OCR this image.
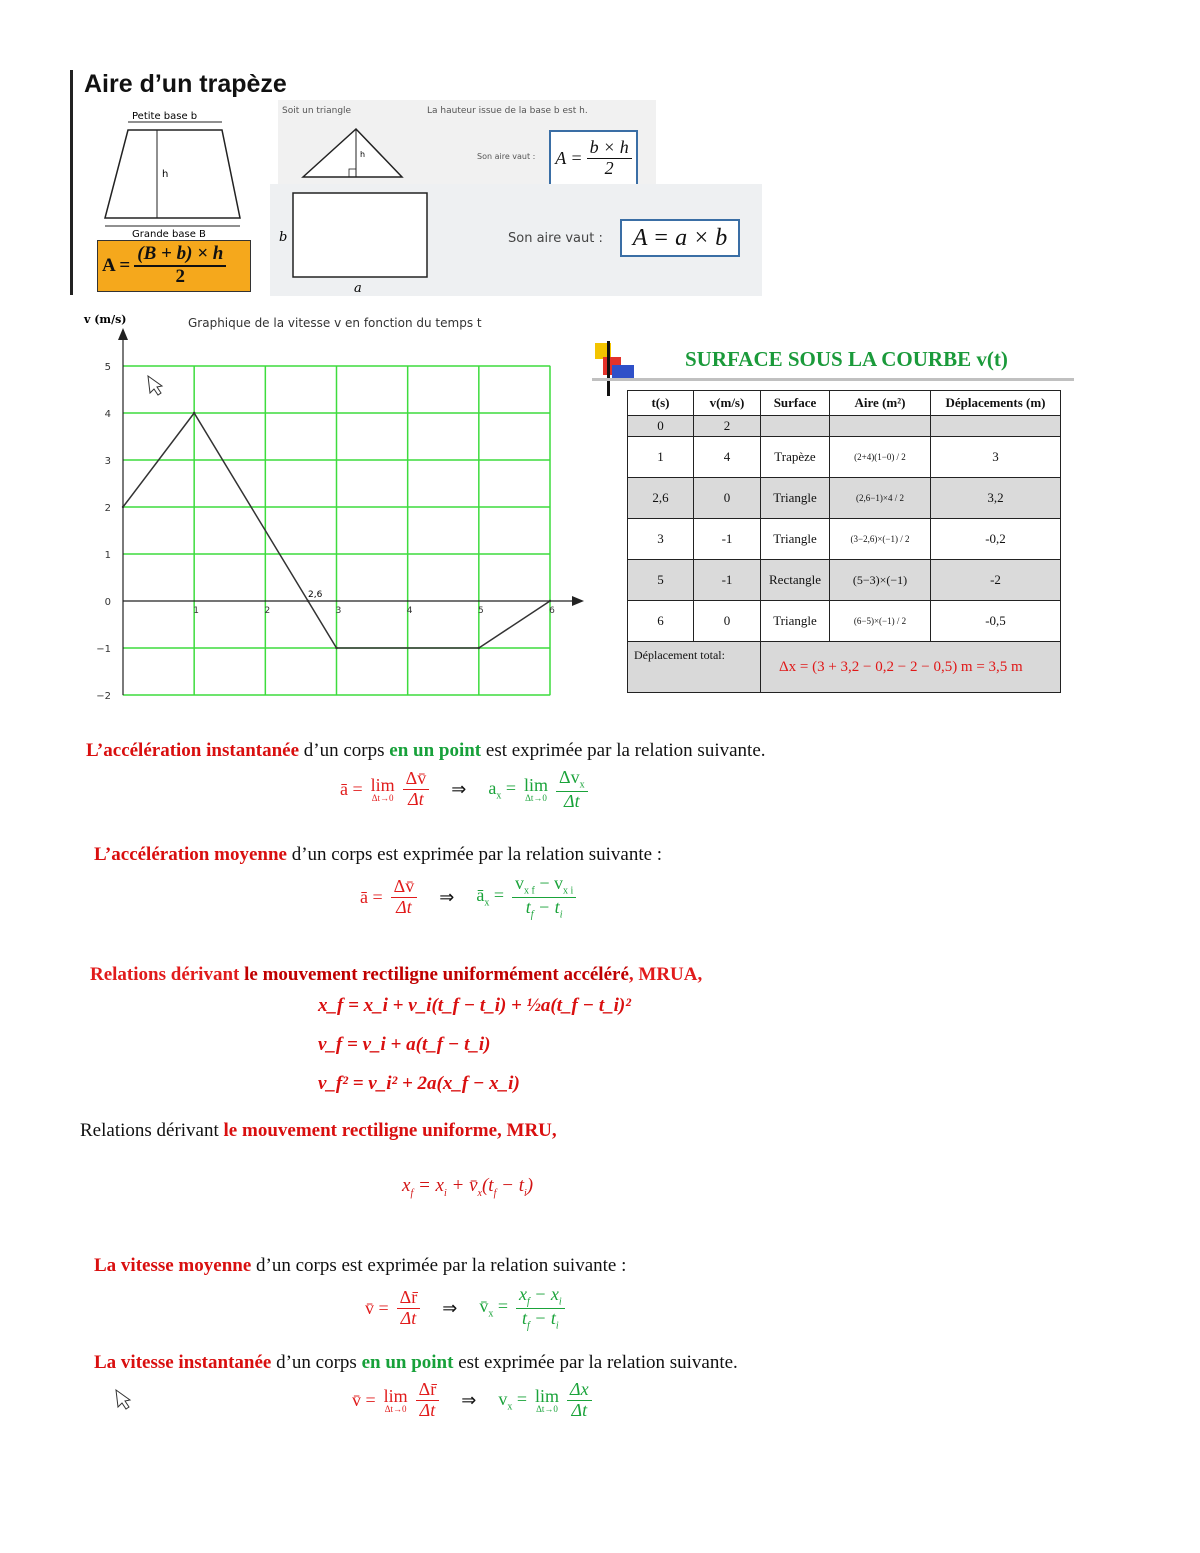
Aire d’un trapèze
Petite base b
h
Grande base B
$A = \frac{(B + b) \times h}{2}$
Soit un triangle	La hauteur issue de la base b est h.
h	Son aire vaut : $A = \frac{b \times h}{2}$
b
a
Son aire vaut :	A = a × b
5
4
3
2
1
0
−1
−2
1	2	3	4	5	6
v (m/s)	Graphique de la vitesse v en fonction du temps t
2,6
SURFACE SOUS LA COURBE v(t)
t(s)	v(m/s)	Surface	Aire (m²)	Déplacements (m)
0	2			
1	4	Trapèze	(2+4)(1−0) / 2	3
2,6	0	Triangle	(2,6−1)×4 / 2	3,2
3	-1	Triangle	(3−2,6)×(−1) / 2	-0,2
5	-1	Rectangle	(5−3)×(−1)	-2
6	0	Triangle	(6−5)×(−1) / 2	-0,5
Déplacement total:		Δx = (3 + 3,2 − 0,2 − 2 − 0,5) m = 3,5 m		
L’accélération instantanée d’un corps en un point est exprimée par la relation suivante.
ā = lim
$\Delta t\to 0 \frac{\Delta v̄}{\Delta t}$ ⇒ $a_x = \lim$
$\Delta t\to 0 \frac{\Delta v_x}{\Delta t}$
L’accélération moyenne d’un corps est exprimée par la relation suivante :
ā = $\frac{\Delta v̄}{\Delta t}$ ⇒ $ā_x = \frac{v_{x f} - v_{x i}}{t_f - t_i}$
Relations dérivant le mouvement rectiligne uniformément accéléré, MRUA,
x_f = x_i + v_i(t_f − t_i) + ½a(t_f − t_i)²
v_f = v_i + a(t_f − t_i)
v_f² = v_i² + 2a(x_f − x_i)
Relations dérivant le mouvement rectiligne uniforme, MRU,
$x_f = x_i$ + $v̄_x(t_f - t_i)$
La vitesse moyenne d’un corps est exprimée par la relation suivante :
v̄ = $\frac{\Delta r̄}{\Delta t}$ ⇒ $v̄_x = \frac{x_f - x_i}{t_f - t_i}$
La vitesse instantanée d’un corps en un point est exprimée par la relation suivante.
v̄ = lim
$\Delta t\to 0 \frac{\Delta r̄}{\Delta t}$ ⇒ $v_x = \lim$
$\Delta t\to 0 \frac{\Delta x}{\Delta t}$
